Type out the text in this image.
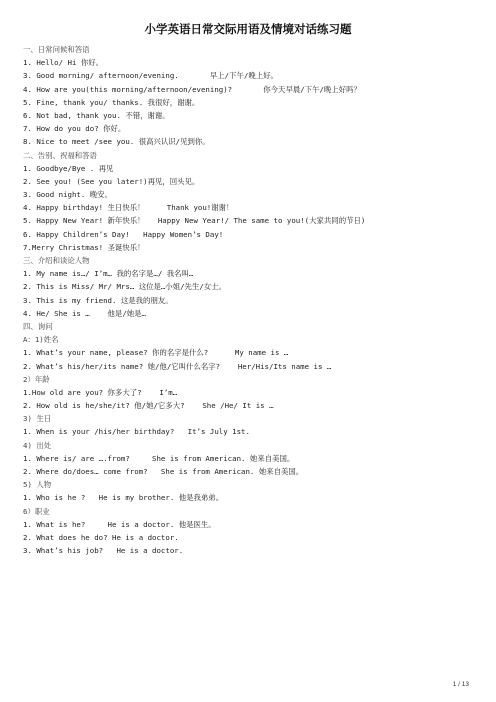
小学英语日常交际用语及情境对话练习题
一、日常问候和答语
1. Hello/ Hi 你好。
3. Good morning/ afternoon/evening.       早上/下午/晚上好。
4. How are you(this morning/afternoon/evening)?       你今天早晨/下午/晚上好吗？
5. Fine, thank you/ thanks. 我很好，谢谢。
6. Not bad, thank you. 不错，谢谢。
7. How do you do? 你好。
8. Nice to meet /see you. 很高兴认识/见到你。
二、告别、祝福和答语
1. Goodbye/Bye . 再见
2. See you! (See you later!)再见，回头见。
3. Good night. 晚安。
4. Happy birthday! 生日快乐！     Thank you!谢谢！
5. Happy New Year! 新年快乐！   Happy New Year!/ The same to you!(大家共同的节日)
6. Happy Children’s Day!   Happy Women’s Day!
7.Merry Christmas! 圣诞快乐！
三、介绍和谈论人物
1. My name is…/ I’m… 我的名字是…/ 我名叫…
2. This is Miss/ Mr/ Mrs… 这位是…小姐/先生/女士。
3. This is my friend. 这是我的朋友。
4. He/ She is …    他是/她是…
四、询问
A：1)姓名
1. What’s your name, please? 你的名字是什么?      My name is …
2. What’s his/her/its name? 她/他/它叫什么名字?    Her/His/Its name is …
2）年龄
1.How old are you? 你多大了?    I’m…
2. How old is he/she/it? 他/她/它多大?    She /He/ It is …
3) 生日
1. When is your /his/her birthday?   It’s July 1st.
4) 出处
1. Where is/ are ….from?     She is from American. 她来自美国。
2. Where do/does… come from?   She is from American. 她来自美国。
5) 人物
1. Who is he ?   He is my brother. 他是我弟弟。
6）职业
1. What is he?     He is a doctor. 他是医生。
2. What does he do? He is a doctor.
3. What’s his job?   He is a doctor.
1 / 13
